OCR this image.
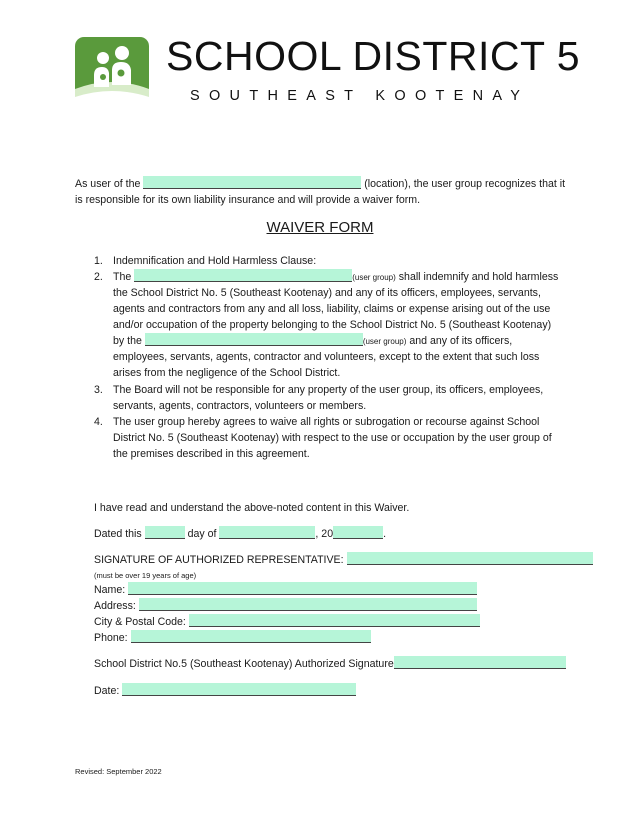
SCHOOL DISTRICT 5
SOUTHEAST KOOTENAY
As user of the	(location), the user group recognizes that it
is responsible for its own liability insurance and will provide a waiver form.
WAIVER FORM
1. Indemnification and Hold Harmless Clause:
2. The	(user group) shall indemnify and hold harmless
the School District No. 5 (Southeast Kootenay) and any of its officers, employees, servants,
agents and contractors from any and all loss, liability, claims or expense arising out of the use
and/or occupation of the property belonging to the School District No. 5 (Southeast Kootenay)
by the	(user group) and any of its officers,
employees, servants, agents, contractor and volunteers, except to the extent that such loss
arises from the negligence of the School District.
3. The Board will not be responsible for any property of the user group, its officers, employees,
servants, agents, contractors, volunteers or members.
4. The user group hereby agrees to waive all rights or subrogation or recourse against School
District No. 5 (Southeast Kootenay) with respect to the use or occupation by the user group of
the premises described in this agreement.
I have read and understand the above-noted content in this Waiver.
Dated this	day of	, 20	.
SIGNATURE OF AUTHORIZED REPRESENTATIVE:
(must be over 19 years of age)
Name:
Address:
City & Postal Code:
Phone:
School District No.5 (Southeast Kootenay) Authorized Signature
Date:
Revised: September 2022
